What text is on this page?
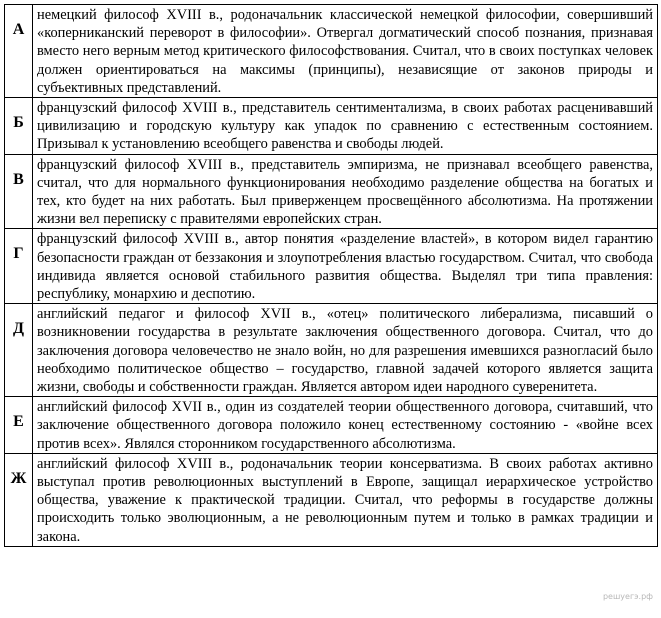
А	немецкий философ XVIII в., родоначальник классической немецкой философии, совершивший «коперниканский переворот в философии». Отвергал догматический способ познания, признавая вместо него верным метод критического философствования. Считал, что в своих поступках человек должен ориентироваться на максимы (принципы), независящие от законов природы и субъективных представлений.
Б	французский философ XVIII в., представитель сентиментализма, в своих работах расценивавший цивилизацию и городскую культуру как упадок по сравнению с естественным состоянием. Призывал к установлению всеобщего равенства и свободы людей.
В	французский философ XVIII в., представитель эмпиризма, не признавал всеобщего равенства, считал, что для нормального функционирования необходимо разделение общества на богатых и тех, кто будет на них работать. Был приверженцем просвещённого абсолютизма. На протяжении жизни вел переписку с правителями европейских стран.
Г	французский философ XVIII в., автор понятия «разделение властей», в котором видел гарантию безопасности граждан от беззакония и злоупотребления властью государством. Считал, что свобода индивида является основой стабильного развития общества. Выделял три типа правления: республику, монархию и деспотию.
Д	английский педагог и философ XVII в., «отец» политического либерализма, писавший о возникновении государства в результате заключения общественного договора. Считал, что до заключения договора человечество не знало войн, но для разрешения имевшихся разногласий было необходимо политическое общество – государство, главной задачей которого является защита жизни, свободы и собственности граждан. Является автором идеи народного суверенитета.
Е	английский философ XVII в., один из создателей теории общественного договора, считавший, что заключение общественного договора положило конец естественному состоянию - «войне всех против всех». Являлся сторонником государственного абсолютизма.
Ж	английский философ XVIII в., родоначальник теории консерватизма. В своих работах активно выступал против революционных выступлений в Европе, защищал иерархическое устройство общества, уважение к практической традиции. Считал, что реформы в государстве должны происходить только эволюционным, а не революционным путем и только в рамках традиции и закона.
решуегэ.рф
